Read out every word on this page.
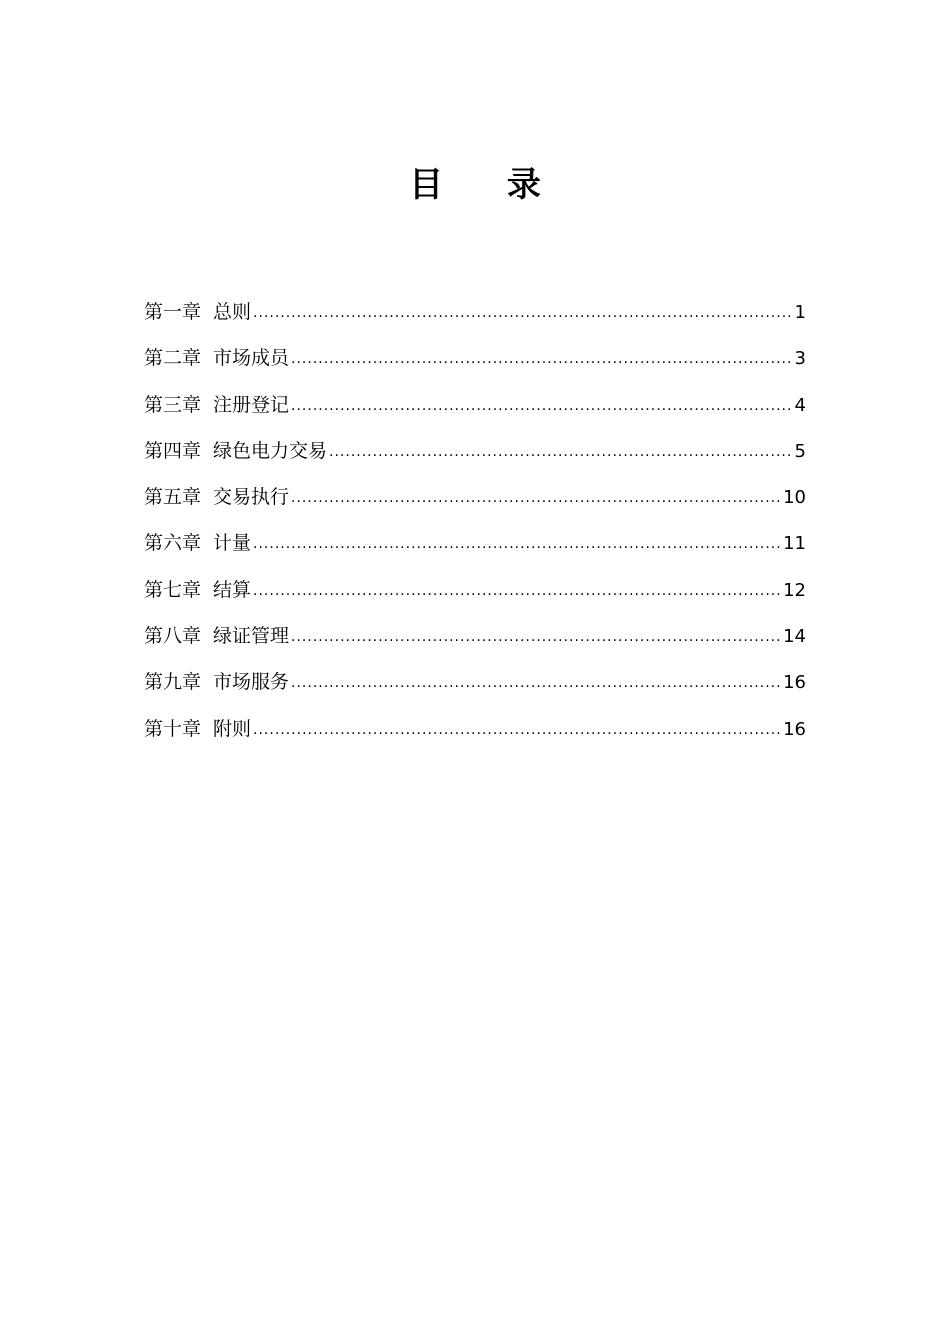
目 录
第一章 总则 .....	1
第二章 市场成员 .....	3
第三章 注册登记 .....	4
第四章 绿色电力交易 .....	5
第五章 交易执行 .....	10
第六章 计量 .....	11
第七章 结算 .....	12
第八章 绿证管理 .....	14
第九章 市场服务 .....	16
第十章 附则 .....	16
